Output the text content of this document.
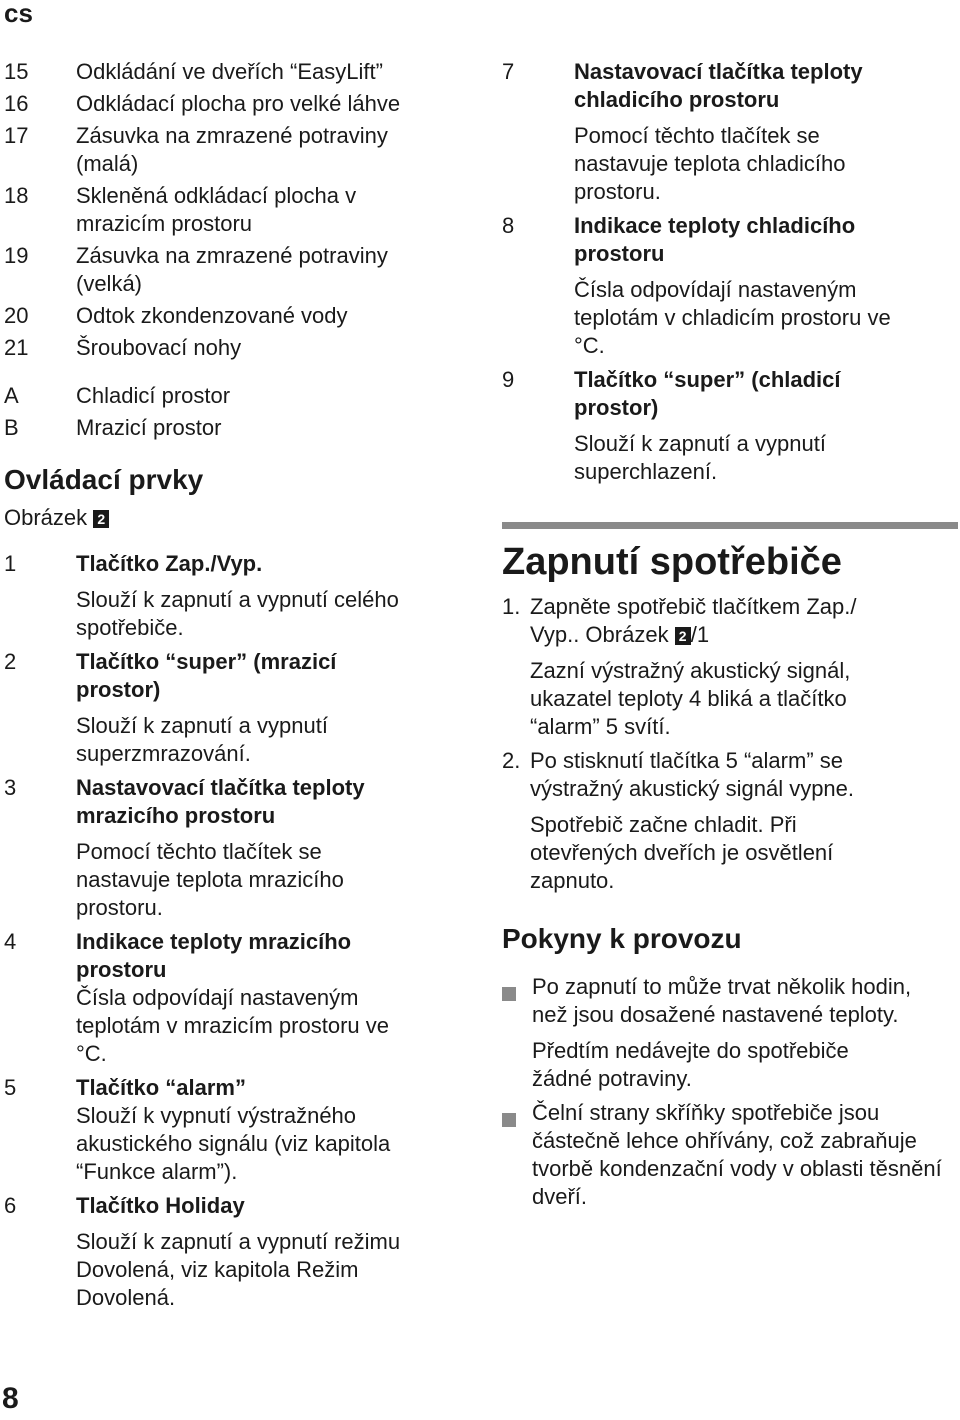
cs
15	Odkládání ve dveřích “EasyLift”
16	Odkládací plocha pro velké láhve
17	Zásuvka na zmrazené potraviny (malá)
18	Skleněná odkládací plocha v mrazicím prostoru
19	Zásuvka na zmrazené potraviny (velká)
20	Odtok zkondenzované vody
21	Šroubovací nohy
A	Chladicí prostor
B	Mrazicí prostor
Ovládací prvky
Obrázek 2
1	Tlačítko Zap./Vyp.
Slouží k zapnutí a vypnutí celého spotřebiče.
2	Tlačítko “super” (mrazicí prostor)
Slouží k zapnutí a vypnutí superzmrazování.
3	Nastavovací tlačítka teploty mrazicího prostoru
Pomocí těchto tlačítek se nastavuje teplota mrazicího prostoru.
4	Indikace teploty mrazicího prostoru
Čísla odpovídají nastaveným teplotám v mrazicím prostoru ve °C.
5	Tlačítko “alarm”
Slouží k vypnutí výstražného akustického signálu (viz kapitola “Funkce alarm”).
6	Tlačítko Holiday
Slouží k zapnutí a vypnutí režimu Dovolená, viz kapitola Režim Dovolená.
7	Nastavovací tlačítka teploty chladicího prostoru
Pomocí těchto tlačítek se nastavuje teplota chladicího prostoru.
8	Indikace teploty chladicího prostoru
Čísla odpovídají nastaveným teplotám v chladicím prostoru ve °C.
9	Tlačítko “super” (chladicí prostor)
Slouží k zapnutí a vypnutí superchlazení.
Zapnutí spotřebiče
1. Zapněte spotřebič tlačítkem Zap./ Vyp.. Obrázek 2 /1
Zazní výstražný akustický signál, ukazatel teploty 4 bliká a tlačítko “alarm” 5 svítí.
2. Po stisknutí tlačítka 5 “alarm” se výstražný akustický signál vypne.
Spotřebič začne chladit. Při otevřených dveřích je osvětlení zapnuto.
Pokyny k provozu
Po zapnutí to může trvat několik hodin, než jsou dosažené nastavené teploty.
Předtím nedávejte do spotřebiče žádné potraviny.
Čelní strany skříňky spotřebiče jsou částečně lehce ohřívány, což zabraňuje tvorbě kondenzační vody v oblasti těsnění dveří.
8
